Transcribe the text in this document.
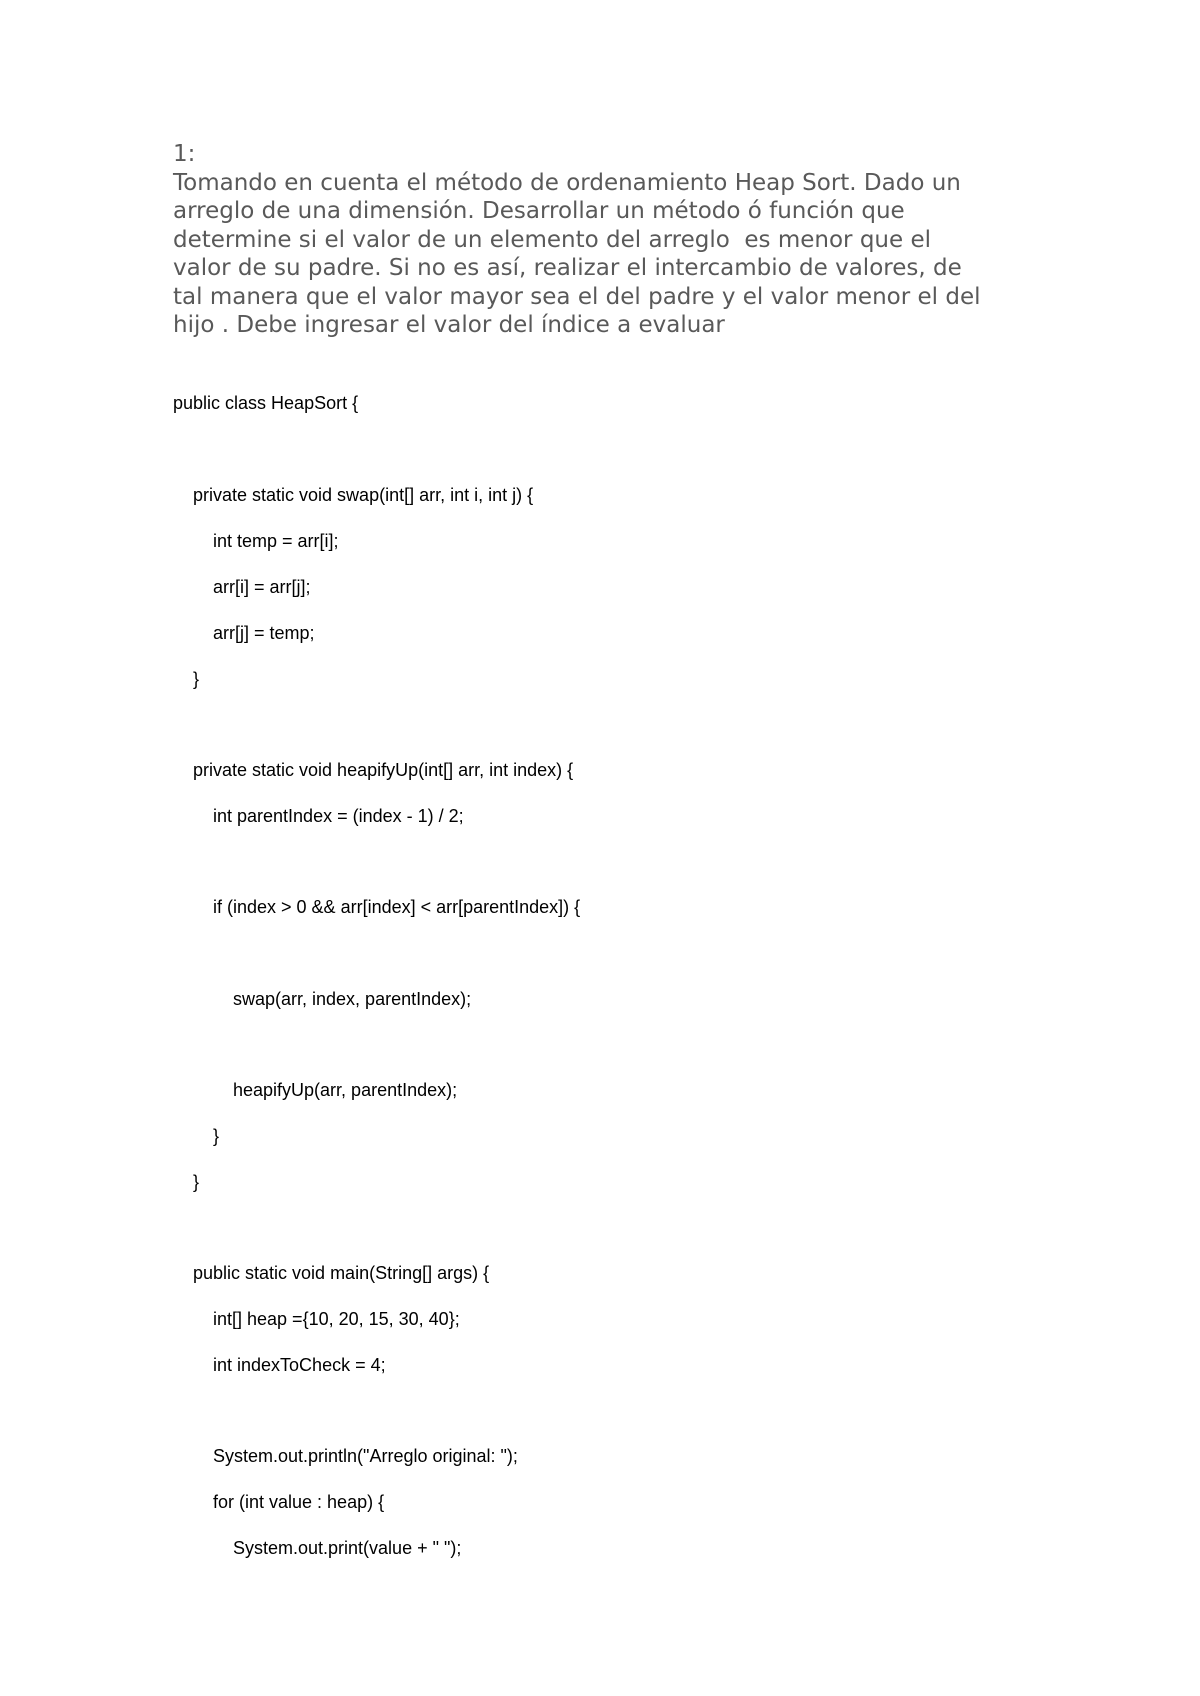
1:
Tomando en cuenta el método de ordenamiento Heap Sort. Dado un
arreglo de una dimensión. Desarrollar un método ó función que
determine si el valor de un elemento del arreglo  es menor que el
valor de su padre. Si no es así, realizar el intercambio de valores, de
tal manera que el valor mayor sea el del padre y el valor menor el del
hijo . Debe ingresar el valor del índice a evaluar
public class HeapSort {
private static void swap(int[] arr, int i, int j) {
int temp = arr[i];
arr[i] = arr[j];
arr[j] = temp;
}
private static void heapifyUp(int[] arr, int index) {
int parentIndex = (index - 1) / 2;
if (index > 0 && arr[index] < arr[parentIndex]) {
swap(arr, index, parentIndex);
heapifyUp(arr, parentIndex);
}
}
public static void main(String[] args) {
int[] heap ={10, 20, 15, 30, 40};
int indexToCheck = 4;
System.out.println("Arreglo original: ");
for (int value : heap) {
System.out.print(value + " ");
